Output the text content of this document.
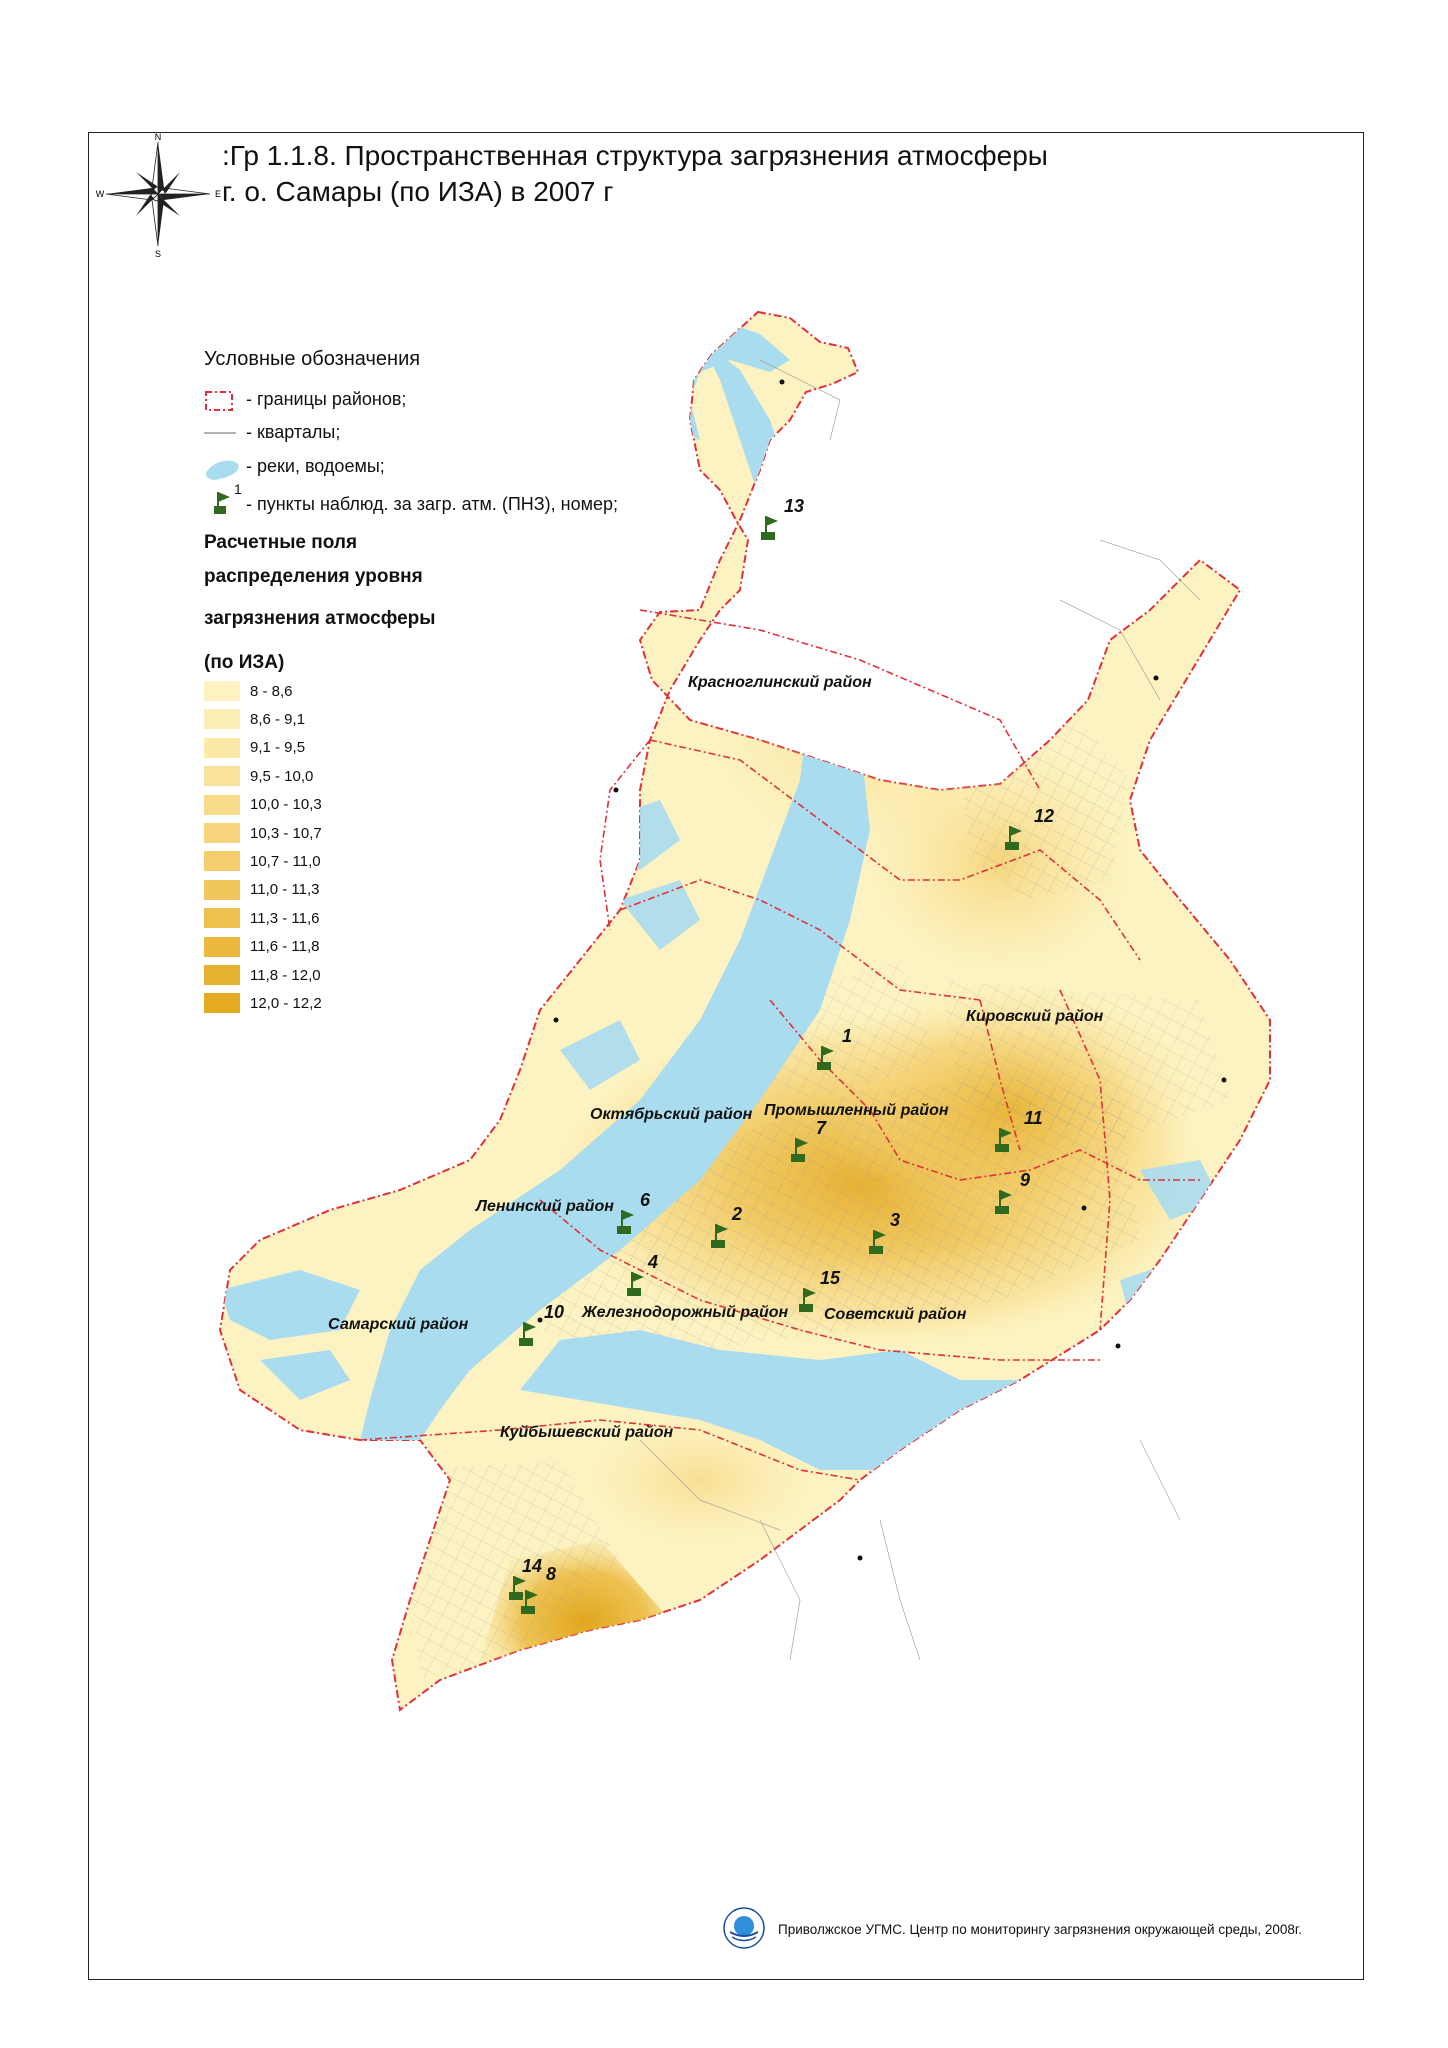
N
S
E
W
:Гр 1.1.8. Пространственная структура загрязнения атмосферы
г. о. Самары (по ИЗА) в 2007 г
Условные обозначения
- границы районов;
- кварталы;
- реки, водоемы;
- пункты наблюд. за загр. атм. (ПНЗ), номер;
1
Расчетные поля
распределения уровня
загрязнения атмосферы
(по ИЗА)
8 - 8,6
8,6 - 9,1
9,1 - 9,5
9,5 - 10,0
10,0 - 10,3
10,3 - 10,7
10,7 - 11,0
11,0 - 11,3
11,3 - 11,6
11,6 - 11,8
11,8 - 12,0
12,0 - 12,2
Красноглинский район
Кировский район
Октябрьский район Промышленный район
Ленинский район
Самарский район
Железнодорожный район Советский район
Куйбышевский район
13
12
1
7	11
9
6
2	3
4
15
10
14 8
Приволжское УГМС. Центр по мониторингу загрязнения окружающей среды, 2008г.
